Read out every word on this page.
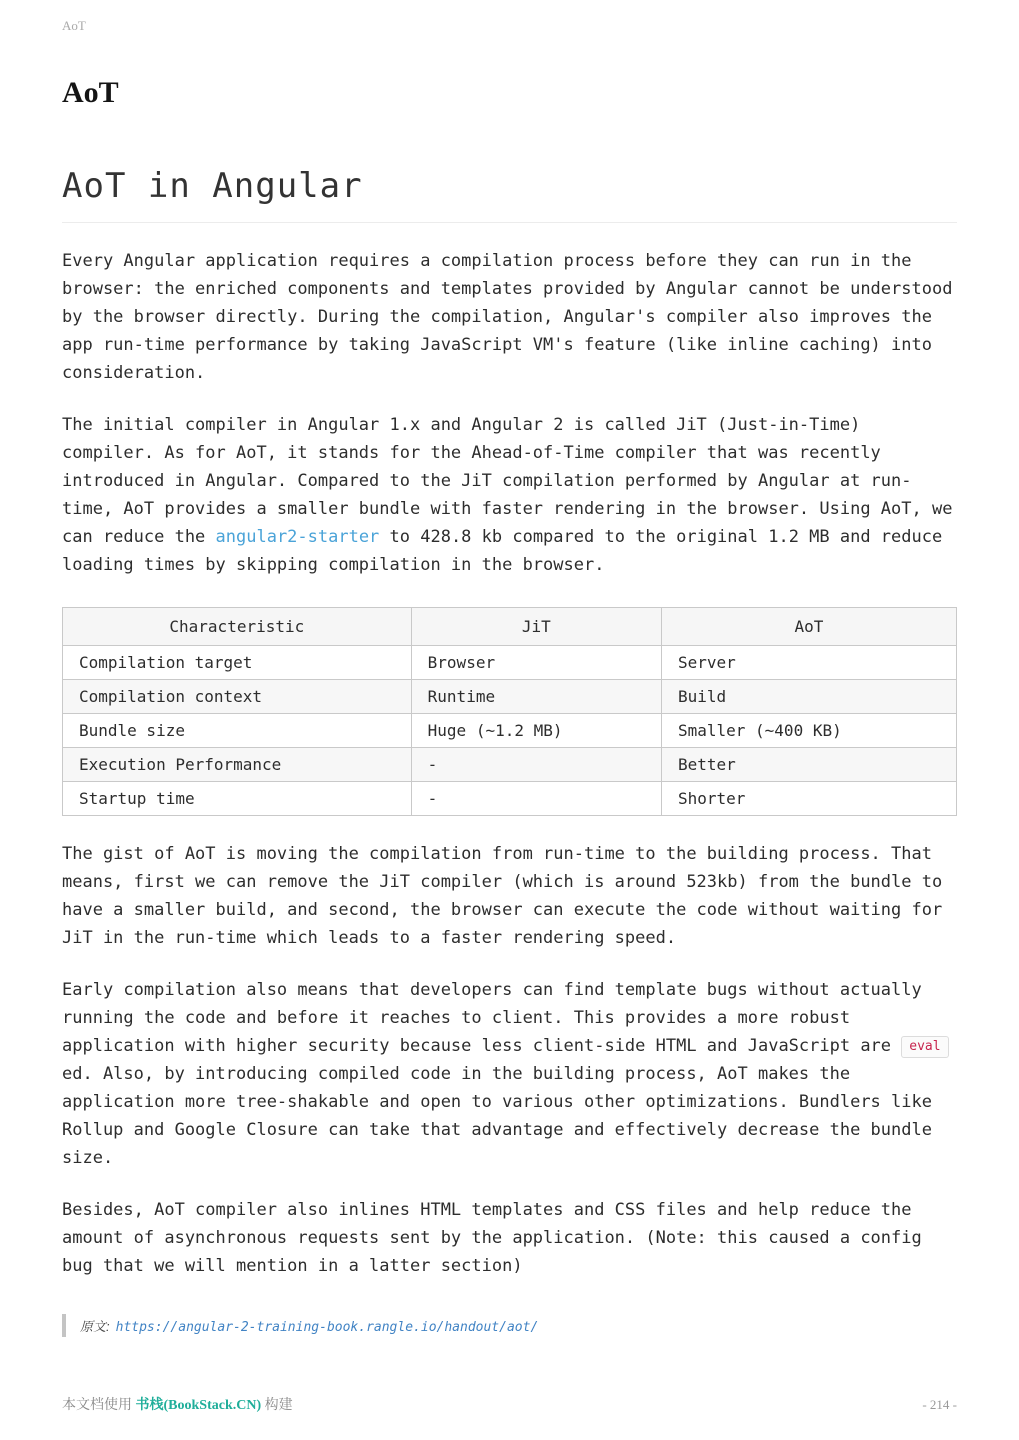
AoT
AoT
AoT in Angular

Every Angular application requires a compilation process before they can run in the browser: the enriched components and templates provided by Angular cannot be understood by the browser directly. During the compilation, Angular's compiler also improves the app run-time performance by taking JavaScript VM's feature (like inline caching) into consideration.

The initial compiler in Angular 1.x and Angular 2 is called JiT (Just-in-Time) compiler. As for AoT, it stands for the Ahead-of-Time compiler that was recently introduced in Angular. Compared to the JiT compilation performed by Angular at run-time, AoT provides a smaller bundle with faster rendering in the browser. Using AoT, we can reduce the angular2-starter to 428.8 kb compared to the original 1.2 MB and reduce loading times by skipping compilation in the browser.

Characteristic	JiT	AoT
Compilation target	Browser	Server
Compilation context	Runtime	Build
Bundle size	Huge (~1.2 MB)	Smaller (~400 KB)
Execution Performance	-	Better
Startup time	-	Shorter

The gist of AoT is moving the compilation from run-time to the building process. That means, first we can remove the JiT compiler (which is around 523kb) from the bundle to have a smaller build, and second, the browser can execute the code without waiting for JiT in the run-time which leads to a faster rendering speed.

Early compilation also means that developers can find template bugs without actually running the code and before it reaches to client. This provides a more robust application with higher security because less client-side HTML and JavaScript are evaled. Also, by introducing compiled code in the building process, AoT makes the application more tree-shakable and open to various other optimizations. Bundlers like Rollup and Google Closure can take that advantage and effectively decrease the bundle size.

Besides, AoT compiler also inlines HTML templates and CSS files and help reduce the amount of asynchronous requests sent by the application. (Note: this caused a config bug that we will mention in a latter section)

原文: https://angular-2-training-book.rangle.io/handout/aot/
本文档使用 书栈(BookStack.CN) 构建	- 214 -
